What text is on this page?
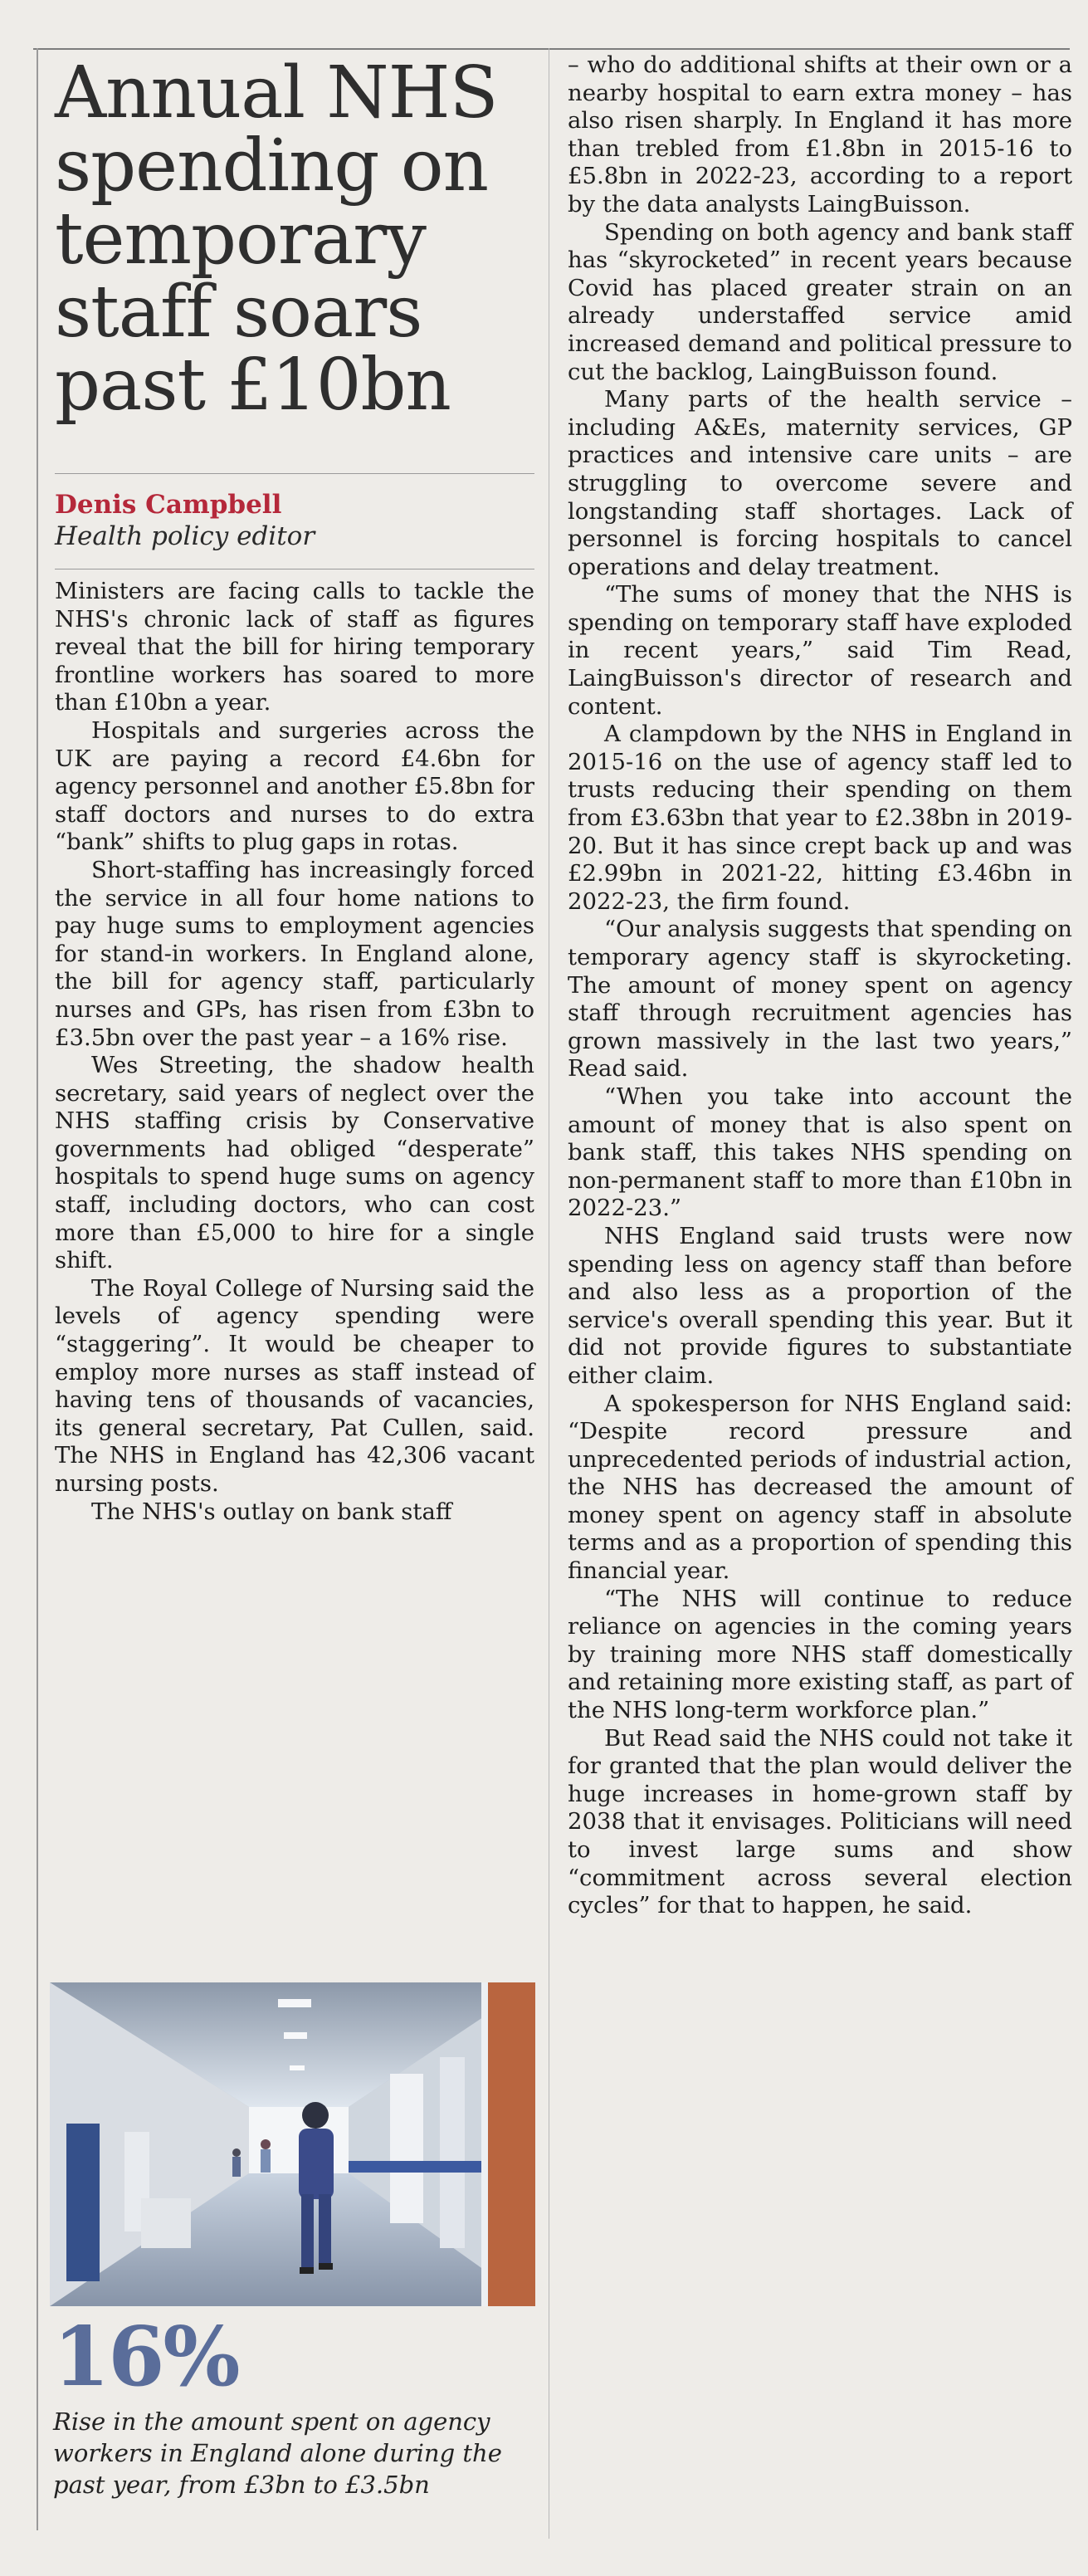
Annual NHS
spending on
temporary
staff soars
past £10bn
Denis Campbell
Health policy editor

Ministers are facing calls to tackle the NHS's chronic lack of staff as figures reveal that the bill for hiring temporary frontline workers has soared to more than £10bn a year.

Hospitals and surgeries across the UK are paying a record £4.6bn for agency personnel and another £5.8bn for staff doctors and nurses to do extra “bank” shifts to plug gaps in rotas.

Short-staffing has increasingly forced the service in all four home nations to pay huge sums to employment agencies for stand-in workers. In England alone, the bill for agency staff, particularly nurses and GPs, has risen from £3bn to £3.5bn over the past year – a 16% rise.

Wes Streeting, the shadow health secretary, said years of neglect over the NHS staffing crisis by Conservative governments had obliged “desperate” hospitals to spend huge sums on agency staff, including doctors, who can cost more than £5,000 to hire for a single shift.

The Royal College of Nursing said the levels of agency spending were “staggering”. It would be cheaper to employ more nurses as staff instead of having tens of thousands of vacancies, its general secretary, Pat Cullen, said. The NHS in England has 42,306 vacant nursing posts.

The NHS's outlay on bank staff

16%
Rise in the amount spent on agency workers in England alone during the past year, from £3bn to £3.5bn

– who do additional shifts at their own or a nearby hospital to earn extra money – has also risen sharply. In England it has more than trebled from £1.8bn in 2015-16 to £5.8bn in 2022-23, according to a report by the data analysts LaingBuisson.

Spending on both agency and bank staff has “skyrocketed” in recent years because Covid has placed greater strain on an already understaffed service amid increased demand and political pressure to cut the backlog, LaingBuisson found.

Many parts of the health service – including A&Es, maternity services, GP practices and intensive care units – are struggling to overcome severe and longstanding staff shortages. Lack of personnel is forcing hospitals to cancel operations and delay treatment.

“The sums of money that the NHS is spending on temporary staff have exploded in recent years,” said Tim Read, LaingBuisson's director of research and content.

A clampdown by the NHS in England in 2015-16 on the use of agency staff led to trusts reducing their spending on them from £3.63bn that year to £2.38bn in 2019-20. But it has since crept back up and was £2.99bn in 2021-22, hitting £3.46bn in 2022-23, the firm found.

“Our analysis suggests that spending on temporary agency staff is skyrocketing. The amount of money spent on agency staff through recruitment agencies has grown massively in the last two years,” Read said.

“When you take into account the amount of money that is also spent on bank staff, this takes NHS spending on non-permanent staff to more than £10bn in 2022-23.”

NHS England said trusts were now spending less on agency staff than before and also less as a proportion of the service's overall spending this year. But it did not provide figures to substantiate either claim.

A spokesperson for NHS England said: “Despite record pressure and unprecedented periods of industrial action, the NHS has decreased the amount of money spent on agency staff in absolute terms and as a proportion of spending this financial year.

“The NHS will continue to reduce reliance on agencies in the coming years by training more NHS staff domestically and retaining more existing staff, as part of the NHS long-term workforce plan.”

But Read said the NHS could not take it for granted that the plan would deliver the huge increases in home-grown staff by 2038 that it envisages. Politicians will need to invest large sums and show “commitment across several election cycles” for that to happen, he said.
